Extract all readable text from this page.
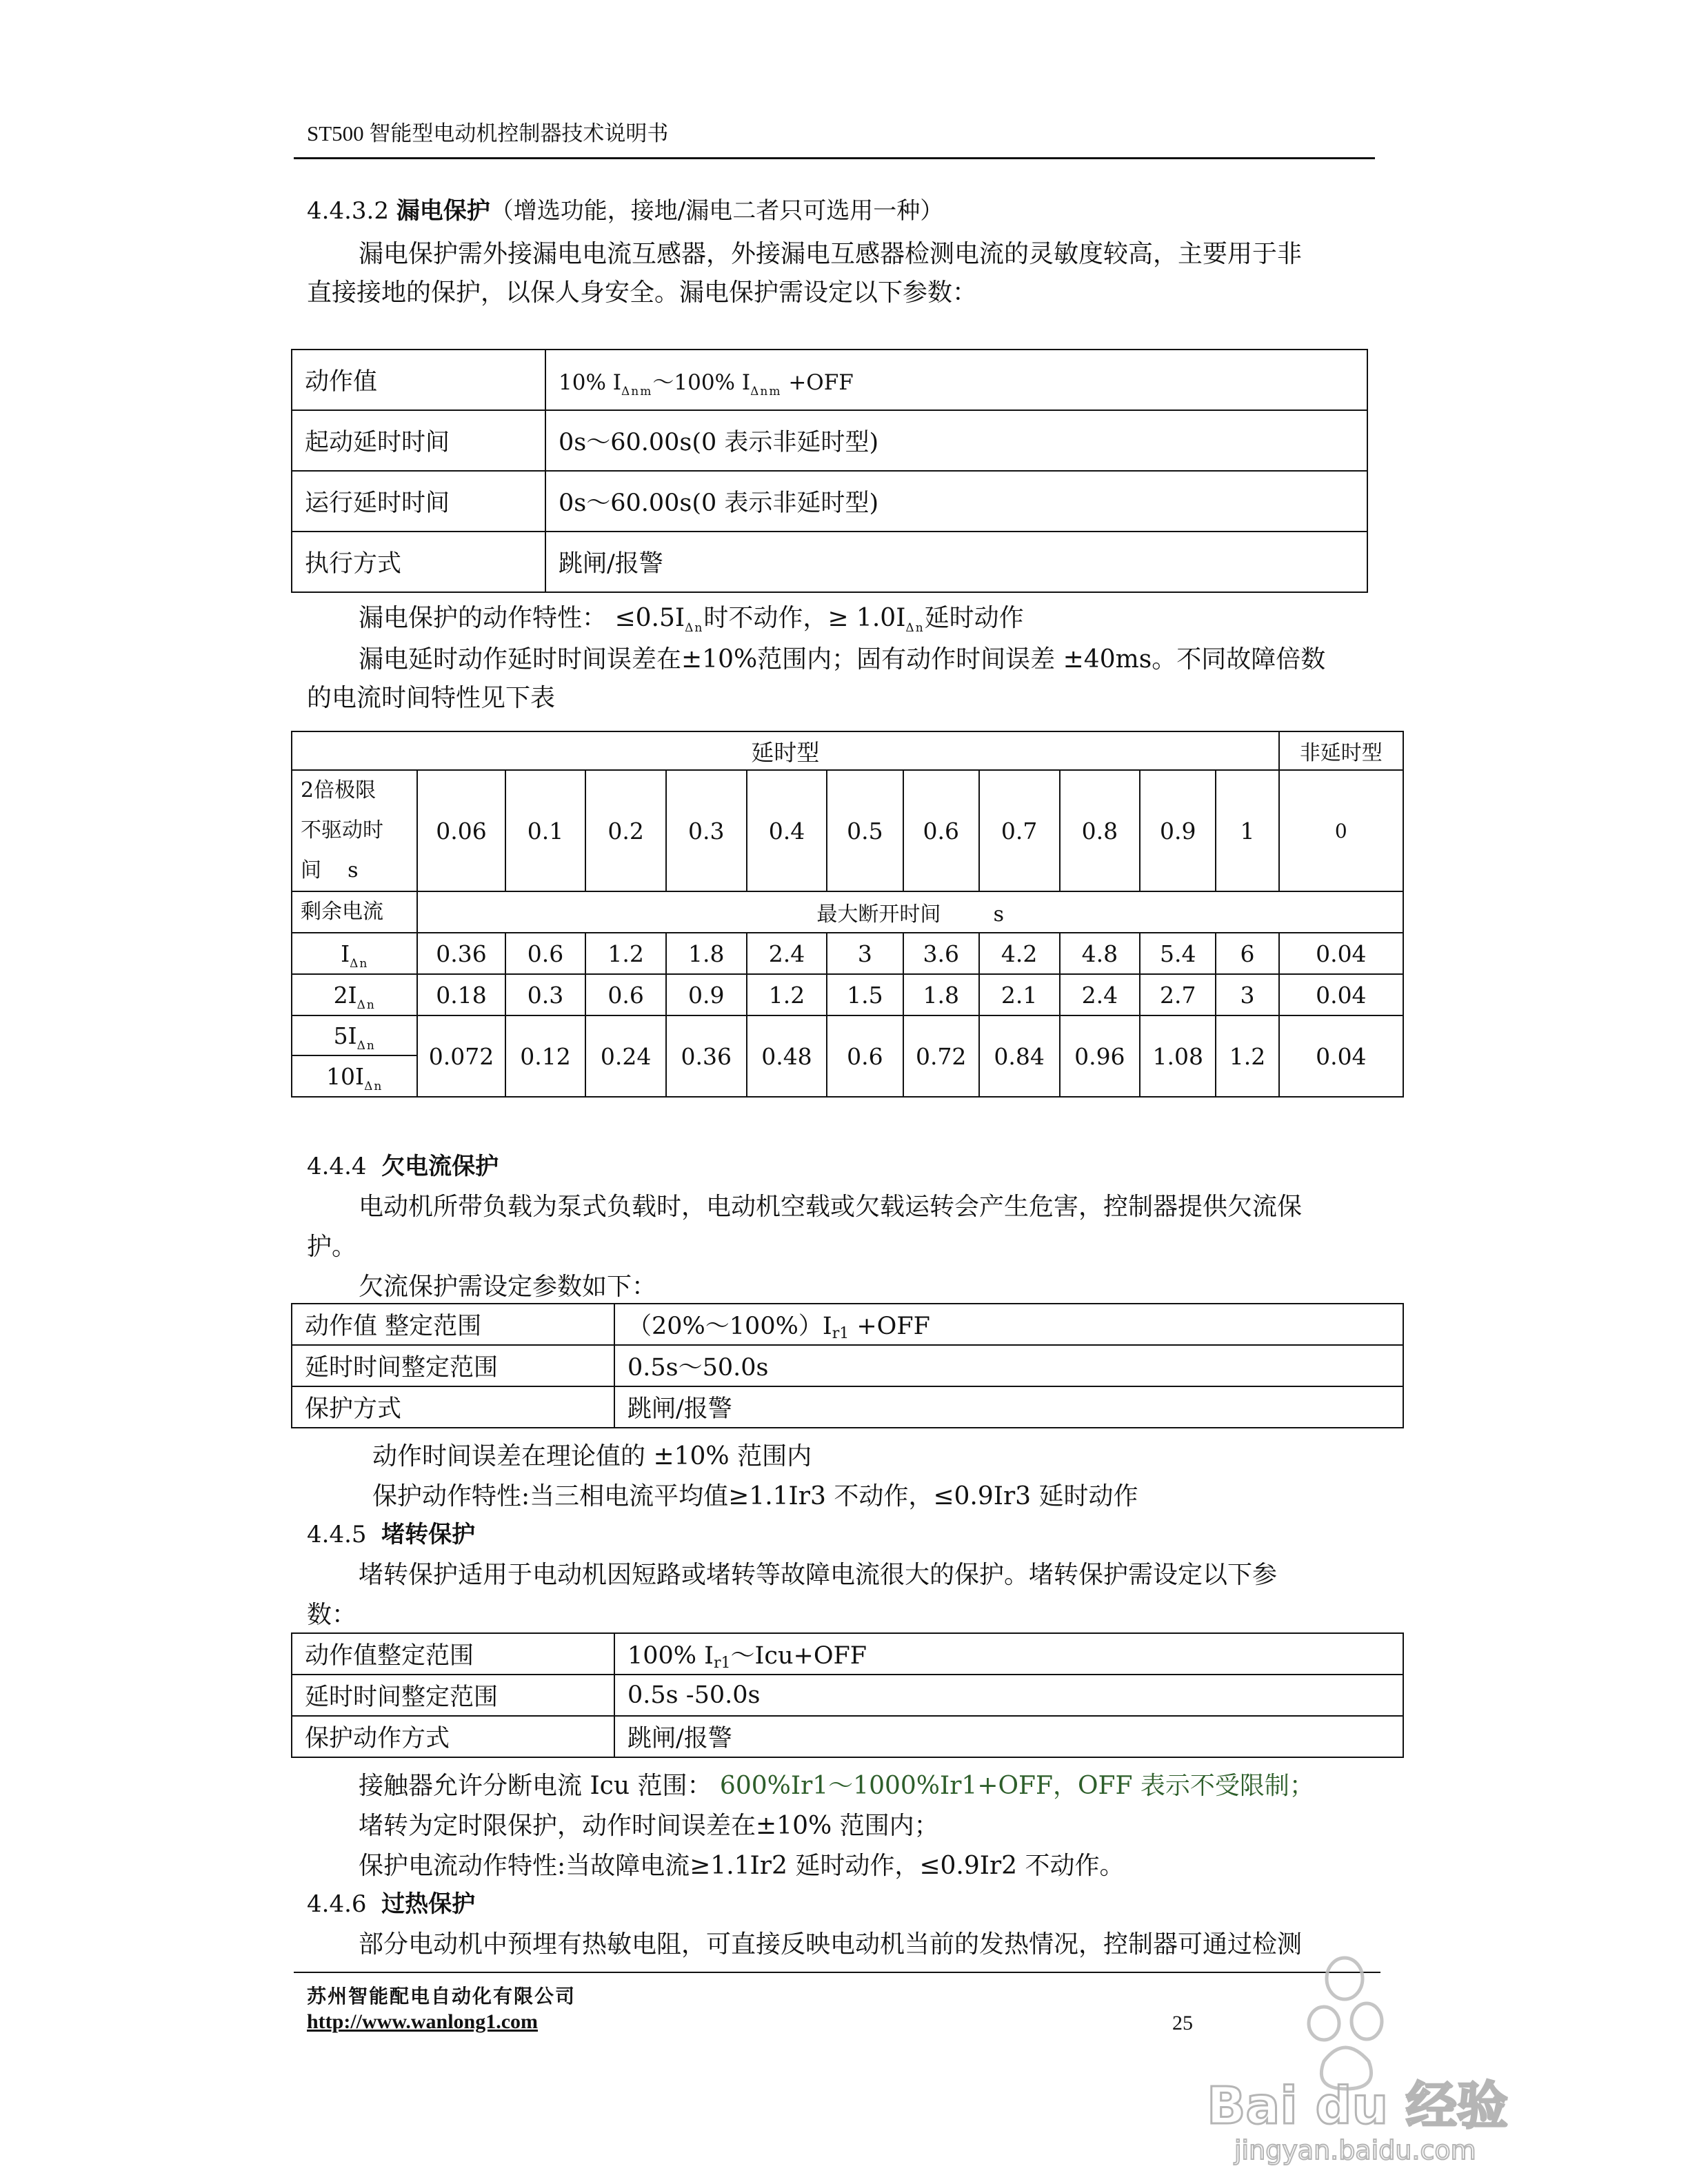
ST500 智能型电动机控制器技术说明书
4.4.3.2 漏电保护（增选功能，接地/漏电二者只可选用一种）
漏电保护需外接漏电电流互感器，外接漏电互感器检测电流的灵敏度较高，主要用于非
直接接地的保护，以保人身安全。漏电保护需设定以下参数：
动作值	10% $I_{\Delta nm}\sim 100\%$ $I_{\Delta nm} +OFF$
起动延时时间	0s～60.00s(0 表示非延时型)
运行延时时间	0s～60.00s(0 表示非延时型)
执行方式	跳闸/报警
漏电保护的动作特性： $\le 0.5I_{\Delta n}$时不动作，≥ $1.0I_{\Delta n}$延时动作
漏电延时动作延时时间误差在±10%范围内；固有动作时间误差 ±40ms。不同故障倍数
的电流时间特性见下表
延时型												非延时型

2倍极限
不驱动时
间    s	0.06	0.1	0.2	0.3	0.4	0.5	0.6	0.7	0.8	0.9	1	0
剩余电流	最大断开时间        s											
$I_{\Delta n}$	0.36	0.6	1.2	1.8	2.4	3	3.6	4.2	4.8	5.4	6	0.04
$2I_{\Delta n}$	0.18	0.3	0.6	0.9	1.2	1.5	1.8	2.1	2.4	2.7	3	0.04
$5I_{\Delta n}$	0.072	0.12	0.24	0.36	0.48	0.6	0.72	0.84	0.96	1.08	1.2	0.04
$10I_{\Delta n}$
4.4.4 欠电流保护
电动机所带负载为泵式负载时，电动机空载或欠载运转会产生危害，控制器提供欠流保
护。
欠流保护需设定参数如下：
动作值 整定范围	（20%～100%）Ir1 +OFF
延时时间整定范围	0.5s～50.0s
保护方式	跳闸/报警
动作时间误差在理论值的 ±10% 范围内
保护动作特性:当三相电流平均值≥1.1Ir3 不动作，≤0.9Ir3 延时动作
4.4.5 堵转保护
堵转保护适用于电动机因短路或堵转等故障电流很大的保护。堵转保护需设定以下参
数：
动作值整定范围	100% Ir1～Icu+OFF
延时时间整定范围	0.5s -50.0s
保护动作方式	跳闸/报警
接触器允许分断电流 Icu 范围： 600%Ir1～1000%Ir1+OFF，OFF 表示不受限制；
堵转为定时限保护，动作时间误差在±10% 范围内；
保护电流动作特性:当故障电流≥1.1Ir2 延时动作，≤0.9Ir2 不动作。
4.4.6 过热保护
部分电动机中预埋有热敏电阻，可直接反映电动机当前的发热情况，控制器可通过检测
苏州智能配电自动化有限公司
http://www.wanlong1.com	25
Bai du 经验
jingyan.baidu.com
